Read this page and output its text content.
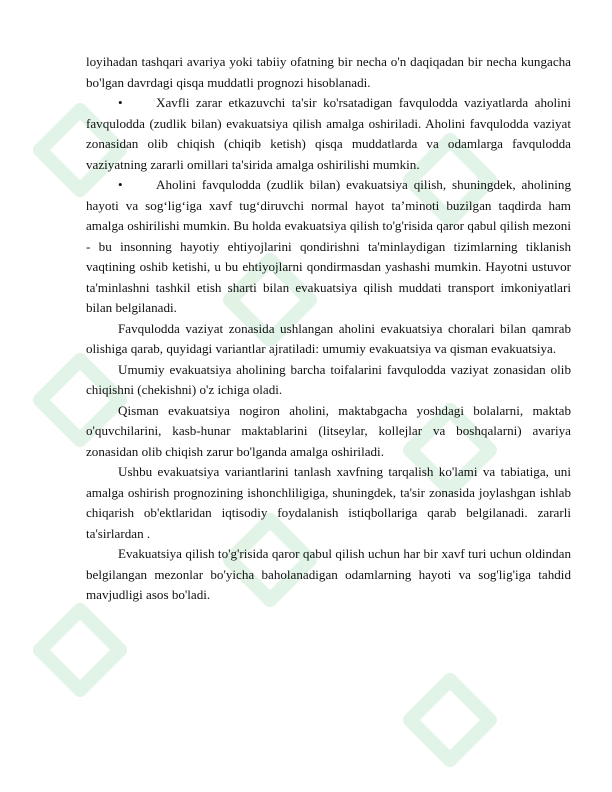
loyihadan tashqari avariya yoki tabiiy ofatning bir necha o'n daqiqadan bir necha kungacha bo'lgan davrdagi qisqa muddatli prognozi hisoblanadi.

•	Xavfli zarar etkazuvchi ta'sir ko'rsatadigan favqulodda vaziyatlarda aholini favqulodda (zudlik bilan) evakuatsiya qilish amalga oshiriladi. Aholini favqulodda vaziyat zonasidan olib chiqish (chiqib ketish) qisqa muddatlarda va odamlarga favqulodda vaziyatning zararli omillari ta'sirida amalga oshirilishi mumkin.

•	Aholini favqulodda (zudlik bilan) evakuatsiya qilish, shuningdek, aholining hayoti va sog‘lig‘iga xavf tug‘diruvchi normal hayot ta’minoti buzilgan taqdirda ham amalga oshirilishi mumkin. Bu holda evakuatsiya qilish to'g'risida qaror qabul qilish mezoni - bu insonning hayotiy ehtiyojlarini qondirishni ta'minlaydigan tizimlarning tiklanish vaqtining oshib ketishi, u bu ehtiyojlarni qondirmasdan yashashi mumkin. Hayotni ustuvor ta'minlashni tashkil etish sharti bilan evakuatsiya qilish muddati transport imkoniyatlari bilan belgilanadi.

Favqulodda vaziyat zonasida ushlangan aholini evakuatsiya choralari bilan qamrab olishiga qarab, quyidagi variantlar ajratiladi: umumiy evakuatsiya va qisman evakuatsiya.

Umumiy evakuatsiya aholining barcha toifalarini favqulodda vaziyat zonasidan olib chiqishni (chekishni) o'z ichiga oladi.

Qisman evakuatsiya nogiron aholini, maktabgacha yoshdagi bolalarni, maktab o'quvchilarini, kasb-hunar maktablarini (litseylar, kollejlar va boshqalarni) avariya zonasidan olib chiqish zarur bo'lganda amalga oshiriladi.

Ushbu evakuatsiya variantlarini tanlash xavfning tarqalish ko'lami va tabiatiga, uni amalga oshirish prognozining ishonchliligiga, shuningdek, ta'sir zonasida joylashgan ishlab chiqarish ob'ektlaridan iqtisodiy foydalanish istiqbollariga qarab belgilanadi. zararli ta'sirlardan .

Evakuatsiya qilish to'g'risida qaror qabul qilish uchun har bir xavf turi uchun oldindan belgilangan mezonlar bo'yicha baholanadigan odamlarning hayoti va sog'lig'iga tahdid mavjudligi asos bo'ladi.
